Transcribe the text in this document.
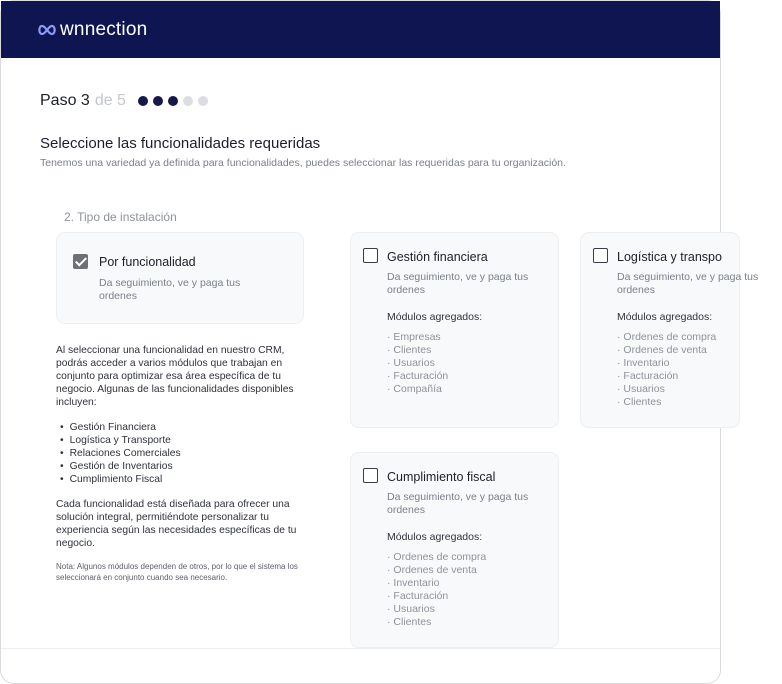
wnnection
Paso 3 de 5
Seleccione las funcionalidades requeridas
Tenemos una variedad ya definida para funcionalidades, puedes seleccionar las requeridas para tu organización.
2. Tipo de instalación
Por funcionalidad
Da seguimiento, ve y paga tus ordenes

Al seleccionar una funcionalidad en nuestro CRM, podrás acceder a varios módulos que trabajan en conjunto para optimizar esa área específica de tu negocio. Algunas de las funcionalidades disponibles incluyen:

• Gestión Financiera
• Logística y Transporte
• Relaciones Comerciales
• Gestión de Inventarios
• Cumplimiento Fiscal

Cada funcionalidad está diseñada para ofrecer una solución integral, permitiéndote personalizar tu experiencia según las necesidades específicas de tu negocio.

Nota: Algunos módulos dependen de otros, por lo que el sistema los seleccionará en conjunto cuando sea necesario.

Gestión financiera
Da seguimiento, ve y paga tus ordenes
Módulos agregados:
· Empresas
· Clientes
· Usuarios
· Facturación
· Compañía
Logística y transpo
Da seguimiento, ve y paga tus ordenes
Módulos agregados:
· Ordenes de compra
· Ordenes de venta
· Inventario
· Facturación
· Usuarios
· Clientes
Cumplimiento fiscal
Da seguimiento, ve y paga tus ordenes
Módulos agregados:
· Ordenes de compra
· Ordenes de venta
· Inventario
· Facturación
· Usuarios
· Clientes
